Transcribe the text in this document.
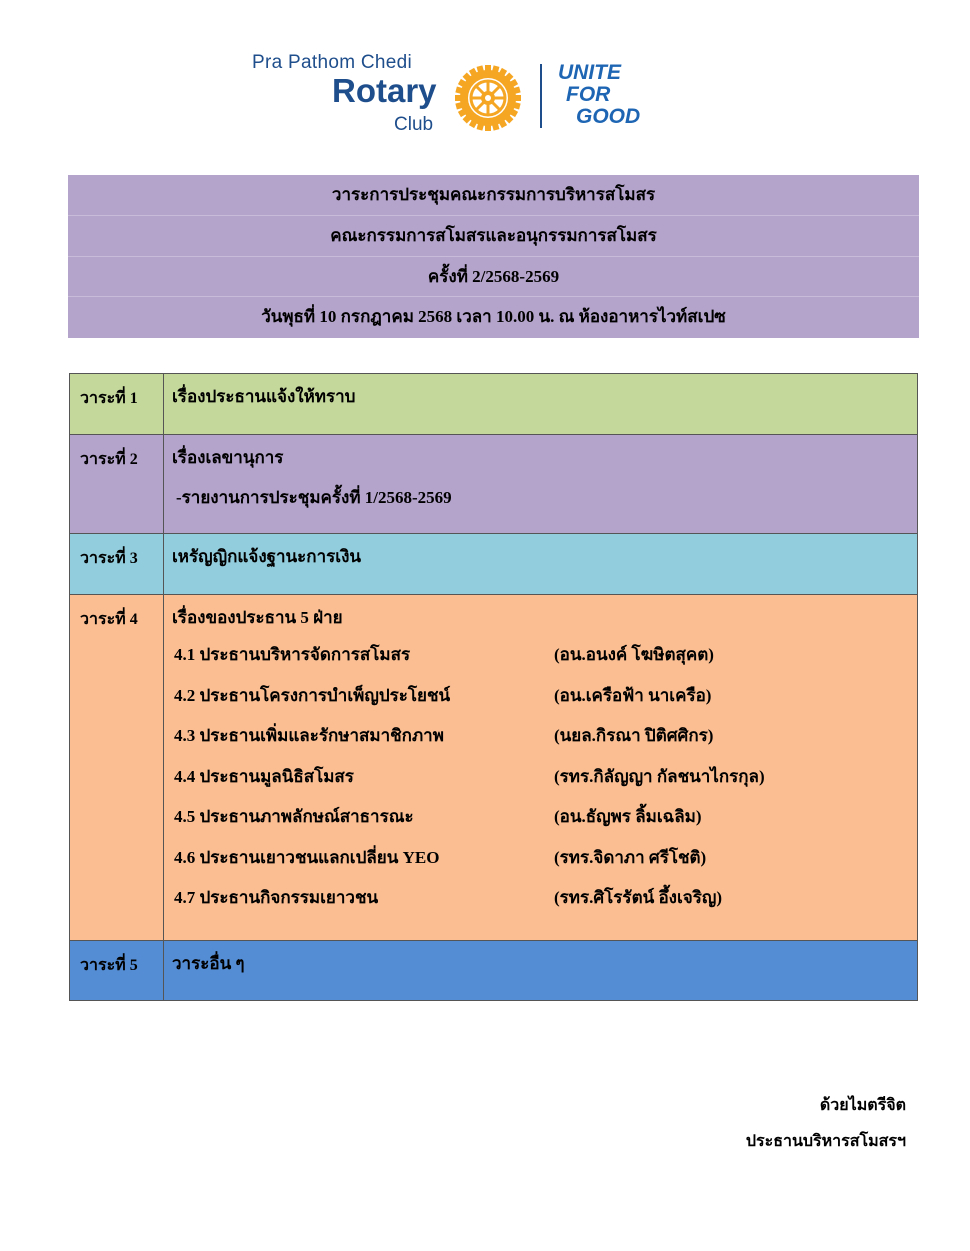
Pra Pathom Chedi
Rotary
Club
UNITE
FOR
GOOD
วาระการประชุมคณะกรรมการบริหารสโมสร
คณะกรรมการสโมสรและอนุกรรมการสโมสร
ครั้งที่ 2/2568-2569
วันพุธที่ 10 กรกฎาคม 2568 เวลา 10.00 น. ณ ห้องอาหารไวท์สเปซ
วาระที่ 1	เรื่องประธานแจ้งให้ทราบ
วาระที่ 2	เรื่องเลขานุการ
-รายงานการประชุมครั้งที่ 1/2568-2569
วาระที่ 3	เหรัญญิกแจ้งฐานะการเงิน
วาระที่ 4	เรื่องของประธาน 5 ฝ่าย
4.1 ประธานบริหารจัดการสโมสร	(อน.อนงค์ โฆษิตสุคต)
4.2 ประธานโครงการบำเพ็ญประโยชน์	(อน.เครือฟ้า นาเครือ)
4.3 ประธานเพิ่มและรักษาสมาชิกภาพ	(นยล.กิรณา ปิติศศิกร)
4.4 ประธานมูลนิธิสโมสร	(รทร.กิลัญญา กัลชนาไกรกุล)
4.5 ประธานภาพลักษณ์สาธารณะ	(อน.ธัญพร ลิ้มเฉลิม)
4.6 ประธานเยาวชนแลกเปลี่ยน YEO	(รทร.จิดาภา ศรีโชติ)
4.7 ประธานกิจกรรมเยาวชน	(รทร.ศิโรรัตน์ อึ้งเจริญ)
วาระที่ 5	วาระอื่น ๆ
ด้วยไมตรีจิต
ประธานบริหารสโมสรฯ
